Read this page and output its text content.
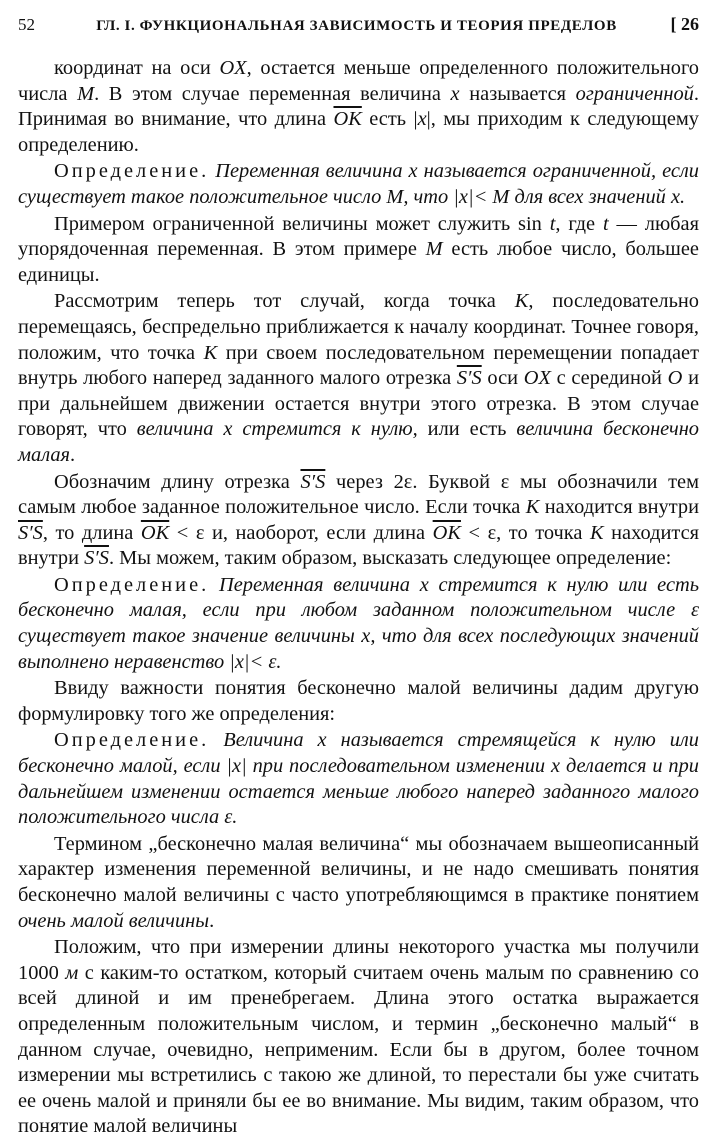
52	ГЛ. I. ФУНКЦИОНАЛЬНАЯ ЗАВИСИМОСТЬ И ТЕОРИЯ ПРЕДЕЛОВ	[ 26

координат на оси OX, остается меньше определенного положительного числа M. В этом случае переменная величина x называется ограниченной. Принимая во внимание, что длина $\overline{OK}$ есть |x|, мы приходим к следующему определению.

Определение. Переменная величина x называется ограниченной, если существует такое положительное число M, что |x|< M для всех значений x.

Примером ограниченной величины может служить sin t, где t — любая упорядоченная переменная. В этом примере M есть любое число, большее единицы.

Рассмотрим теперь тот случай, когда точка K, последовательно перемещаясь, беспредельно приближается к началу координат. Точнее говоря, положим, что точка K при своем последовательном перемещении попадает внутрь любого наперед заданного малого отрезка S′S оси OX с серединой O и при дальнейшем движении остается внутри этого отрезка. В этом случае говорят, что величина x стремится к нулю, или есть величина бесконечно малая.

Обозначим длину отрезка S′S через 2ε. Буквой ε мы обозначили тем самым любое заданное положительное число. Если точка K находится внутри S′S, то длина $\overline{OK} < \varepsilon$ и, наоборот, если длина $\overline{OK} < \varepsilon$, то точка K находится внутри S′S. Мы можем, таким образом, высказать следующее определение:

Определение. Переменная величина x стремится к нулю или есть бесконечно малая, если при любом заданном положительном числе ε существует такое значение величины x, что для всех последующих значений выполнено неравенство |x|< ε.

Ввиду важности понятия бесконечно малой величины дадим другую формулировку того же определения:

Определение. Величина x называется стремящейся к нулю или бесконечно малой, если |x| при последовательном изменении x делается и при дальнейшем изменении остается меньше любого наперед заданного малого положительного числа ε.

Термином „бесконечно малая величина“ мы обозначаем вышеописанный характер изменения переменной величины, и не надо смешивать понятия бесконечно малой величины с часто употребляющимся в практике понятием очень малой величины.

Положим, что при измерении длины некоторого участка мы получили 1000 м с каким-то остатком, который считаем очень малым по сравнению со всей длиной и им пренебрегаем. Длина этого остатка выражается определенным положительным числом, и термин „бесконечно малый“ в данном случае, очевидно, неприменим. Если бы в другом, более точном измерении мы встретились с такою же длиной, то перестали бы уже считать ее очень малой и приняли бы ее во внимание. Мы видим, таким образом, что понятие малой величины
